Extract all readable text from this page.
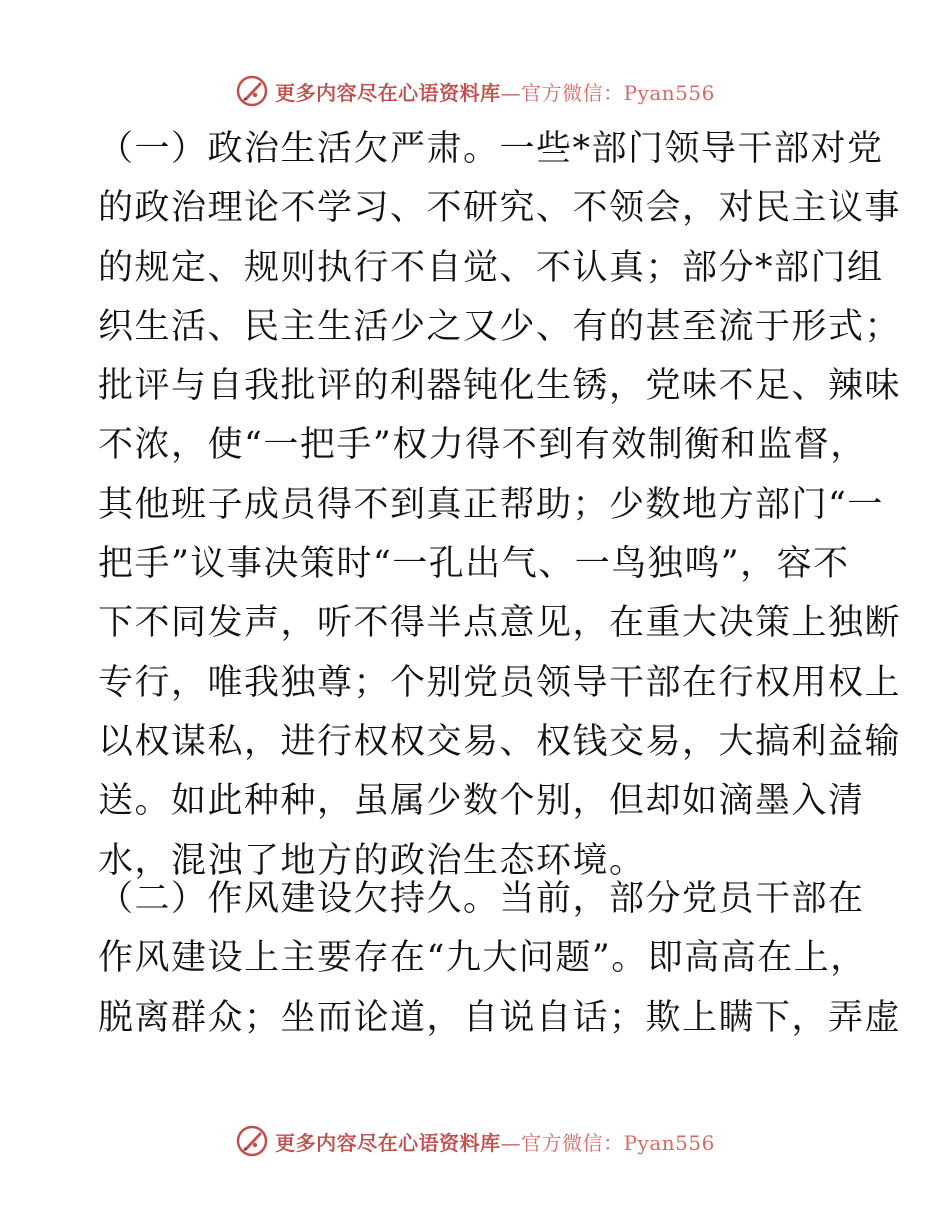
更多内容尽在心语资料库—官方微信：Pyan556
（一）政治生活欠严肃。一些*部门领导干部对党
的政治理论不学习、不研究、不领会，对民主议事
的规定、规则执行不自觉、不认真；部分*部门组
织生活、民主生活少之又少、有的甚至流于形式；
批评与自我批评的利器钝化生锈，党味不足、辣味
不浓，使“一把手”权力得不到有效制衡和监督，
其他班子成员得不到真正帮助；少数地方部门“一
把手”议事决策时“一孔出气、一鸟独鸣”，容不
下不同发声，听不得半点意见，在重大决策上独断
专行，唯我独尊；个别党员领导干部在行权用权上
以权谋私，进行权权交易、权钱交易，大搞利益输
送。如此种种，虽属少数个别，但却如滴墨入清
水，混浊了地方的政治生态环境。
（二）作风建设欠持久。当前，部分党员干部在
作风建设上主要存在“九大问题”。即高高在上，
脱离群众；坐而论道，自说自话；欺上瞒下，弄虚
更多内容尽在心语资料库—官方微信：Pyan556
